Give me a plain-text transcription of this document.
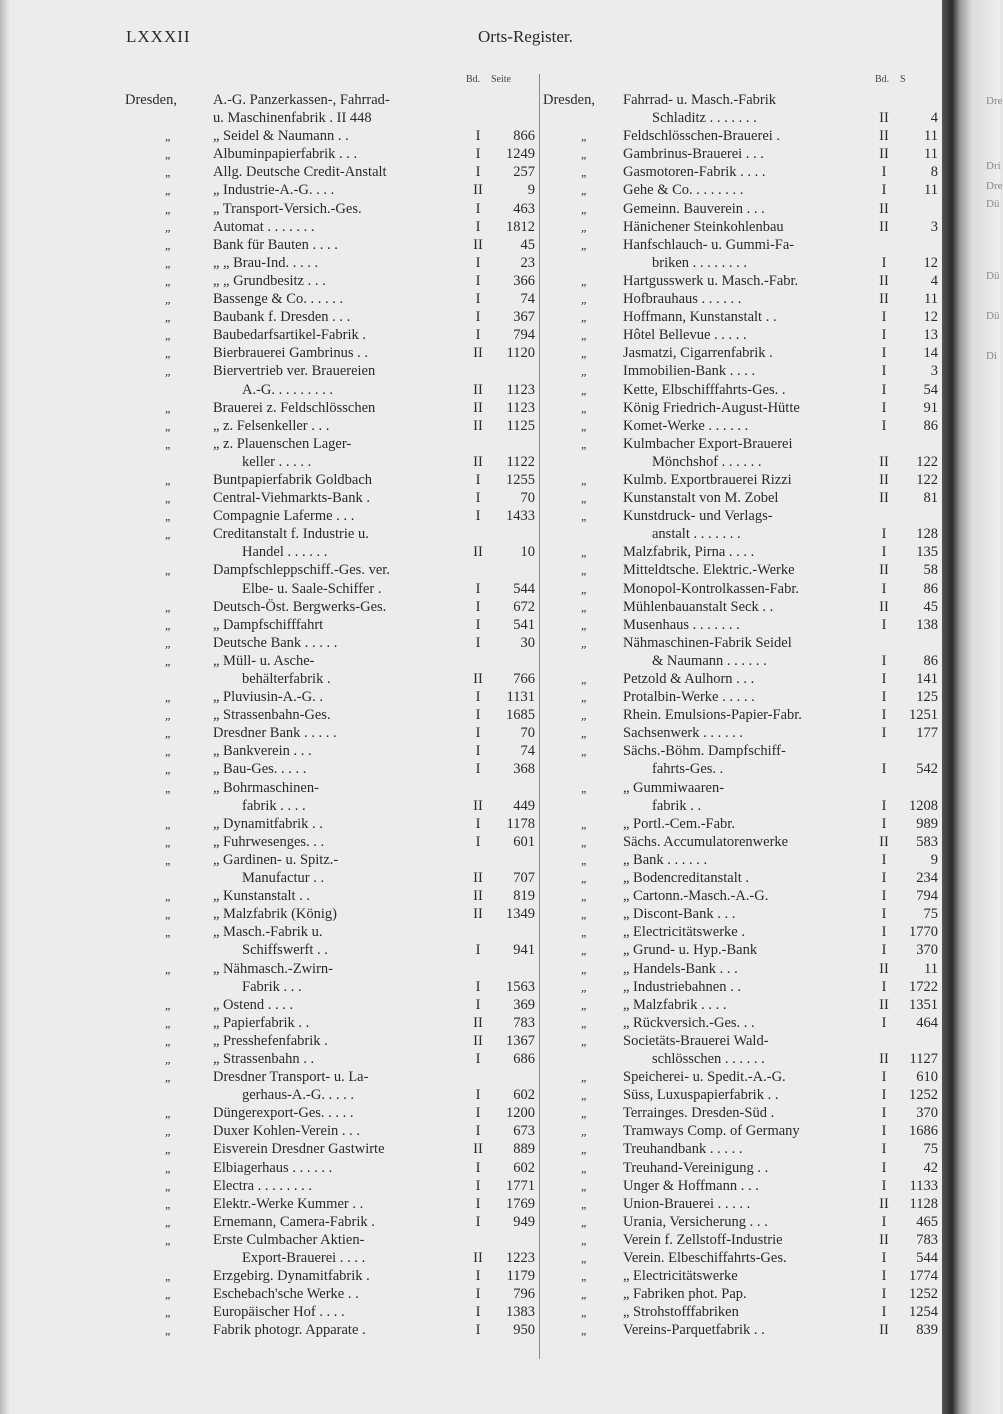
LXXXII	Orts-Register.
Bd. Seite	Bd. S
Dresden, A.-G. Panzerkassen-, Fahrrad-
u. Maschinenfabrik . II 448
„	„ Seidel & Naumann . .	I	866
„	Albuminpapierfabrik . . .	I	1249
„	Allg. Deutsche Credit-Anstalt	I	257
„	„ Industrie-A.-G. . . .	II	9
„	„ Transport-Versich.-Ges.	I	463
„	Automat . . . . . . .	I	1812
„	Bank für Bauten . . . .	II	45
„	„ „ Brau-Ind. . . . .	I	23
„	„ „ Grundbesitz . . .	I	366
„	Bassenge & Co. . . . . .	I	74
„	Baubank f. Dresden . . .	I	367
„	Baubedarfsartikel-Fabrik .	I	794
„	Bierbrauerei Gambrinus . .	II	1120
„	Biervertrieb ver. Brauereien
A.-G. . . . . . . . .	II	1123
„	Brauerei z. Feldschlösschen	II	1123
„	„ z. Felsenkeller . . .	II	1125
„	„ z. Plauenschen Lager-
keller . . . . .	II	1122
„	Buntpapierfabrik Goldbach	I	1255
„	Central-Viehmarkts-Bank .	I	70
„	Compagnie Laferme . . .	I	1433
„	Creditanstalt f. Industrie u.
Handel . . . . . .	II	10
„	Dampfschleppschiff.-Ges. ver.
Elbe- u. Saale-Schiffer .	I	544
„	Deutsch-Öst. Bergwerks-Ges.	I	672
„	„ Dampfschifffahrt	I	541
„	Deutsche Bank . . . . .	I	30
„	„ Müll- u. Asche-
behälterfabrik .	II	766
„	„ Pluviusin-A.-G. .	I	1131
„	„ Strassenbahn-Ges.	I	1685
„	Dresdner Bank . . . . .	I	70
„	„ Bankverein . . .	I	74
„	„ Bau-Ges. . . . .	I	368
„	„ Bohrmaschinen-
fabrik . . . .	II	449
„	„ Dynamitfabrik . .	I	1178
„	„ Fuhrwesenges. . .	I	601
„	„ Gardinen- u. Spitz.-
Manufactur . .	II	707
„	„ Kunstanstalt . .	II	819
„	„ Malzfabrik (König)	II	1349
„	„ Masch.-Fabrik u.
Schiffswerft . .	I	941
„	„ Nähmasch.-Zwirn-
Fabrik . . .	I	1563
„	„ Ostend . . . .	I	369
„	„ Papierfabrik . .	II	783
„	„ Presshefenfabrik .	II	1367
„	„ Strassenbahn . .	I	686
„	Dresdner Transport- u. La-
gerhaus-A.-G. . . . .	I	602
„	Düngerexport-Ges. . . . .	I	1200
„	Duxer Kohlen-Verein . . .	I	673
„	Eisverein Dresdner Gastwirte	II	889
„	Elbiagerhaus . . . . . .	I	602
„	Electra . . . . . . . .	I	1771
„	Elektr.-Werke Kummer . .	I	1769
„	Ernemann, Camera-Fabrik .	I	949
„	Erste Culmbacher Aktien-
Export-Brauerei . . . .	II	1223
„	Erzgebirg. Dynamitfabrik .	I	1179
„	Eschebach'sche Werke . .	I	796
„	Europäischer Hof . . . .	I	1383
„	Fabrik photogr. Apparate .	I	950
Dresden, Fahrrad- u. Masch.-Fabrik
Schladitz . . . . . . .	II	4
„ Feldschlösschen-Brauerei .	II	11
„ Gambrinus-Brauerei . . .	II	11
„ Gasmotoren-Fabrik . . . .	I	8
„ Gehe & Co. . . . . . . .	I	11
„ Gemeinn. Bauverein . . .	II
„ Hänichener Steinkohlenbau	II	3
„ Hanfschlauch- u. Gummi-Fa-
briken . . . . . . . .	I	12
„ Hartgusswerk u. Masch.-Fabr.	II	4
„ Hofbrauhaus . . . . . .	II	11
„ Hoffmann, Kunstanstalt . .	I	12
„ Hôtel Bellevue . . . . .	I	13
„ Jasmatzi, Cigarrenfabrik .	I	14
„ Immobilien-Bank . . . .	I	3
„ Kette, Elbschifffahrts-Ges. .	I	54
„ König Friedrich-August-Hütte	I	91
„ Komet-Werke . . . . . .	I	86
„ Kulmbacher Export-Brauerei
Mönchshof . . . . . .	II	122
„ Kulmb. Exportbrauerei Rizzi	II	122
„ Kunstanstalt von M. Zobel	II	81
„ Kunstdruck- und Verlags-
anstalt . . . . . . .	I	128
„ Malzfabrik, Pirna . . . .	I	135
„ Mitteldtsche. Elektric.-Werke	II	58
„ Monopol-Kontrolkassen-Fabr.	I	86
„ Mühlenbauanstalt Seck . .	II	45
„ Musenhaus . . . . . . .	I	138
„ Nähmaschinen-Fabrik Seidel
& Naumann . . . . . .	I	86
„ Petzold & Aulhorn . . .	I	141
„ Protalbin-Werke . . . . .	I	125
„ Rhein. Emulsions-Papier-Fabr.	I	1251
„ Sachsenwerk . . . . . .	I	177
„ Sächs.-Böhm. Dampfschiff-
fahrts-Ges. .	I	542
„ „ Gummiwaaren-
fabrik . .	I	1208
„ „ Portl.-Cem.-Fabr.	I	989
„ Sächs. Accumulatorenwerke	II	583
„ „ Bank . . . . . .	I	9
„ „ Bodencreditanstalt .	I	234
„ „ Cartonn.-Masch.-A.-G.	I	794
„ „ Discont-Bank . . .	I	75
„ „ Electricitätswerke .	I	1770
„ „ Grund- u. Hyp.-Bank	I	370
„ „ Handels-Bank . . .	II	11
„ „ Industriebahnen . .	I	1722
„ „ Malzfabrik . . . .	II	1351
„ „ Rückversich.-Ges. . .	I	464
„ Societäts-Brauerei Wald-
schlösschen . . . . . .	II	1127
„ Speicherei- u. Spedit.-A.-G.	I	610
„ Süss, Luxuspapierfabrik . .	I	1252
„ Terrainges. Dresden-Süd .	I	370
„ Tramways Comp. of Germany	I	1686
„ Treuhandbank . . . . .	I	75
„ Treuhand-Vereinigung . .	I	42
„ Unger & Hoffmann . . .	I	1133
„ Union-Brauerei . . . . .	II	1128
„ Urania, Versicherung . . .	I	465
„ Verein f. Zellstoff-Industrie	II	783
„ Verein. Elbeschiffahrts-Ges.	I	544
„ „ Electricitätswerke	I	1774
„ „ Fabriken phot. Pap.	I	1252
„ „ Strohstofffabriken	I	1254
„ Vereins-Parquetfabrik . .	II	839
Dre
Dri
Dre
Dü
Dü
Dü
Di
